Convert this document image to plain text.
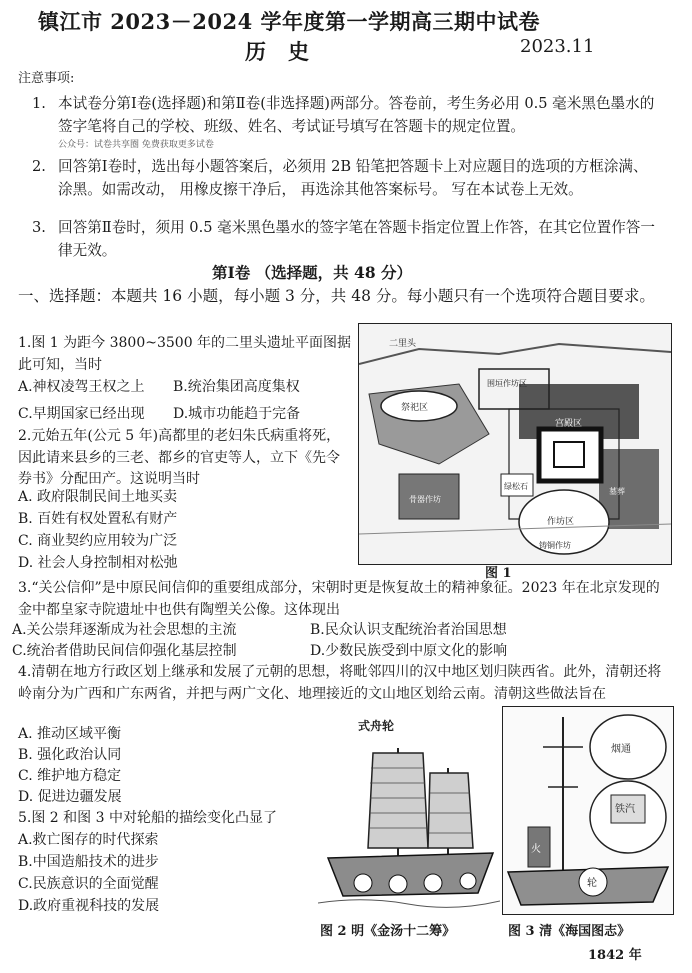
镇江市 2023－2024 学年度第一学期高三期中试卷
历史	2023.11
注意事项:
1. 本试卷分第Ⅰ卷(选择题)和第Ⅱ卷(非选择题)两部分。答卷前，考生务必用 0.5 毫米黑色墨水的签字笔将自己的学校、班级、姓名、考试证号填写在答题卡的规定位置。
公众号：试卷共享圈 免费获取更多试卷
2. 回答第Ⅰ卷时，选出每小题答案后，必须用 2B 铅笔把答题卡上对应题目的选项的方框涂满、涂黑。如需改动， 用橡皮擦干净后， 再选涂其他答案标号。 写在本试卷上无效。
3. 回答第Ⅱ卷时，须用 0.5 毫米黑色墨水的签字笔在答题卡指定位置上作答，在其它位置作答一律无效。
第Ⅰ卷 （选择题，共 48 分）
一、选择题：本题共 16 小题，每小题 3 分，共 48 分。每小题只有一个选项符合题目要求。
1.图 1 为距今 3800~3500 年的二里头遗址平面图据此可知，当时
A.神权凌驾王权之上 B.统治集团高度集权
C.早期国家已经出现 D.城市功能趋于完备
2.元始五年(公元 5 年)高都里的老妇朱氏病重将死，因此请来县乡的三老、都乡的官吏等人，立下《先令券书》分配田产。这说明当时
A. 政府限制民间土地买卖
B. 百姓有权处置私有财产
C. 商业契约应用较为广泛
D. 社会人身控制相对松弛
二里头
祭祀区
宫殿区
作坊区
铸铜作坊
绿松石
骨器作坊
墓葬
围垣作坊区
图 1
3.“关公信仰”是中原民间信仰的重要组成部分，宋朝时更是恢复故土的精神象征。2023 年在北京发现的金中都皇家寺院遗址中也供有陶塑关公像。这体现出
A.关公崇拜逐渐成为社会思想的主流	B.民众认识支配统治者治国思想
C.统治者借助民间信仰强化基层控制	D.少数民族受到中原文化的影响
4.清朝在地方行政区划上继承和发展了元朝的思想，将毗邻四川的汉中地区划归陕西省。此外，清朝还将岭南分为广西和广东两省，并把与两广文化、地理接近的文山地区划给云南。清朝这些做法旨在
A. 推动区域平衡
B. 强化政治认同
C. 维护地方稳定
D. 促进边疆发展
5.图 2 和图 3 中对轮船的描绘变化凸显了
A.救亡图存的时代探索
B.中国造船技术的进步
C.民族意识的全面觉醒
D.政府重视科技的发展
式舟轮
烟通
铁汽
火
轮
图 2 明《金汤十二筹》	图 3 清《海国图志》
1842 年
